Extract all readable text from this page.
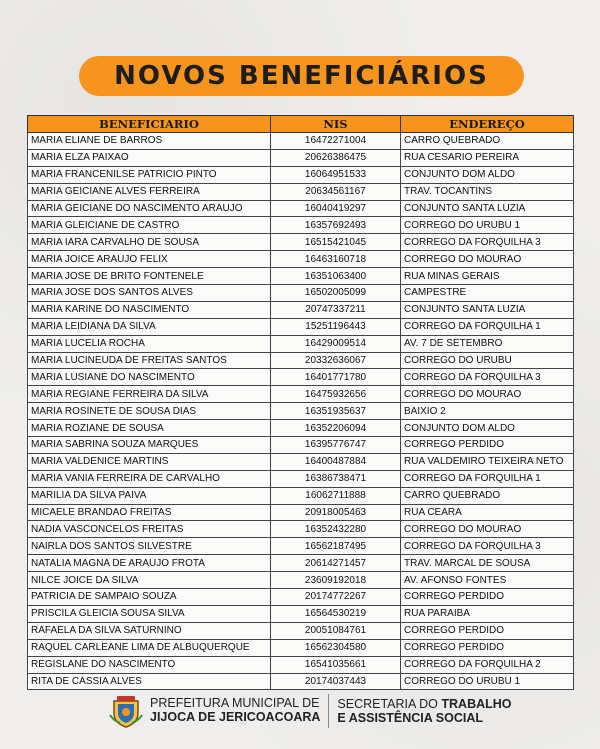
NOVOS BENEFICIÁRIOS
BENEFICIARIO	NIS	ENDEREÇO
MARIA ELIANE DE BARROS	16472271004	CARRO QUEBRADO
MARIA ELZA PAIXAO	20626386475	RUA CESARIO PEREIRA
MARIA FRANCENILSE PATRICIO PINTO	16064951533	CONJUNTO DOM ALDO
MARIA GEICIANE ALVES FERREIRA	20634561167	TRAV. TOCANTINS
MARIA GEICIANE DO NASCIMENTO ARAUJO	16040419297	CONJUNTO SANTA LUZIA
MARIA GLEICIANE DE CASTRO	16357692493	CORREGO DO URUBU 1
MARIA IARA CARVALHO DE SOUSA	16515421045	CORREGO DA FORQUILHA 3
MARIA JOICE ARAUJO FELIX	16463160718	CORREGO DO MOURAO
MARIA JOSE DE BRITO FONTENELE	16351063400	RUA MINAS GERAIS
MARIA JOSE DOS SANTOS ALVES	16502005099	CAMPESTRE
MARIA KARINE DO NASCIMENTO	20747337211	CONJUNTO SANTA LUZIA
MARIA LEIDIANA DA SILVA	15251196443	CORREGO DA FORQUILHA 1
MARIA LUCELIA ROCHA	16429009514	AV. 7 DE SETEMBRO
MARIA LUCINEUDA DE FREITAS SANTOS	20332636067	CORREGO DO URUBU
MARIA LUSIANE DO NASCIMENTO	16401771780	CORREGO DA FORQUILHA 3
MARIA REGIANE FERREIRA DA SILVA	16475932656	CORREGO DO MOURAO
MARIA ROSINETE DE SOUSA DIAS	16351935637	BAIXIO 2
MARIA ROZIANE DE SOUSA	16352206094	CONJUNTO DOM ALDO
MARIA SABRINA SOUZA MARQUES	16395776747	CORREGO PERDIDO
MARIA VALDENICE MARTINS	16400487884	RUA VALDEMIRO TEIXEIRA NETO
MARIA VANIA FERREIRA DE CARVALHO	16386738471	CORREGO DA FORQUILHA 1
MARILIA DA SILVA PAIVA	16062711888	CARRO QUEBRADO
MICAELE BRANDAO FREITAS	20918005463	RUA CEARA
NADIA VASCONCELOS FREITAS	16352432280	CORREGO DO MOURAO
NAIRLA DOS SANTOS SILVESTRE	16562187495	CORREGO DA FORQUILHA 3
NATALIA MAGNA DE ARAUJO FROTA	20614271457	TRAV. MARCAL DE SOUSA
NILCE JOICE DA SILVA	23609192018	AV. AFONSO FONTES
PATRICIA DE SAMPAIO SOUZA	20174772267	CORREGO PERDIDO
PRISCILA GLEICIA SOUSA SILVA	16564530219	RUA PARAIBA
RAFAELA DA SILVA SATURNINO	20051084761	CORREGO PERDIDO
RAQUEL CARLEANE LIMA DE ALBUQUERQUE	16562304580	CORREGO PERDIDO
REGISLANE DO NASCIMENTO	16541035661	CORREGO DA FORQUILHA 2
RITA DE CASSIA ALVES	20174037443	CORREGO DO URUBU 1
PREFEITURA MUNICIPAL DE
JIJOCA DE JERICOACOARA
SECRETARIA DO TRABALHO
E ASSISTÊNCIA SOCIAL
